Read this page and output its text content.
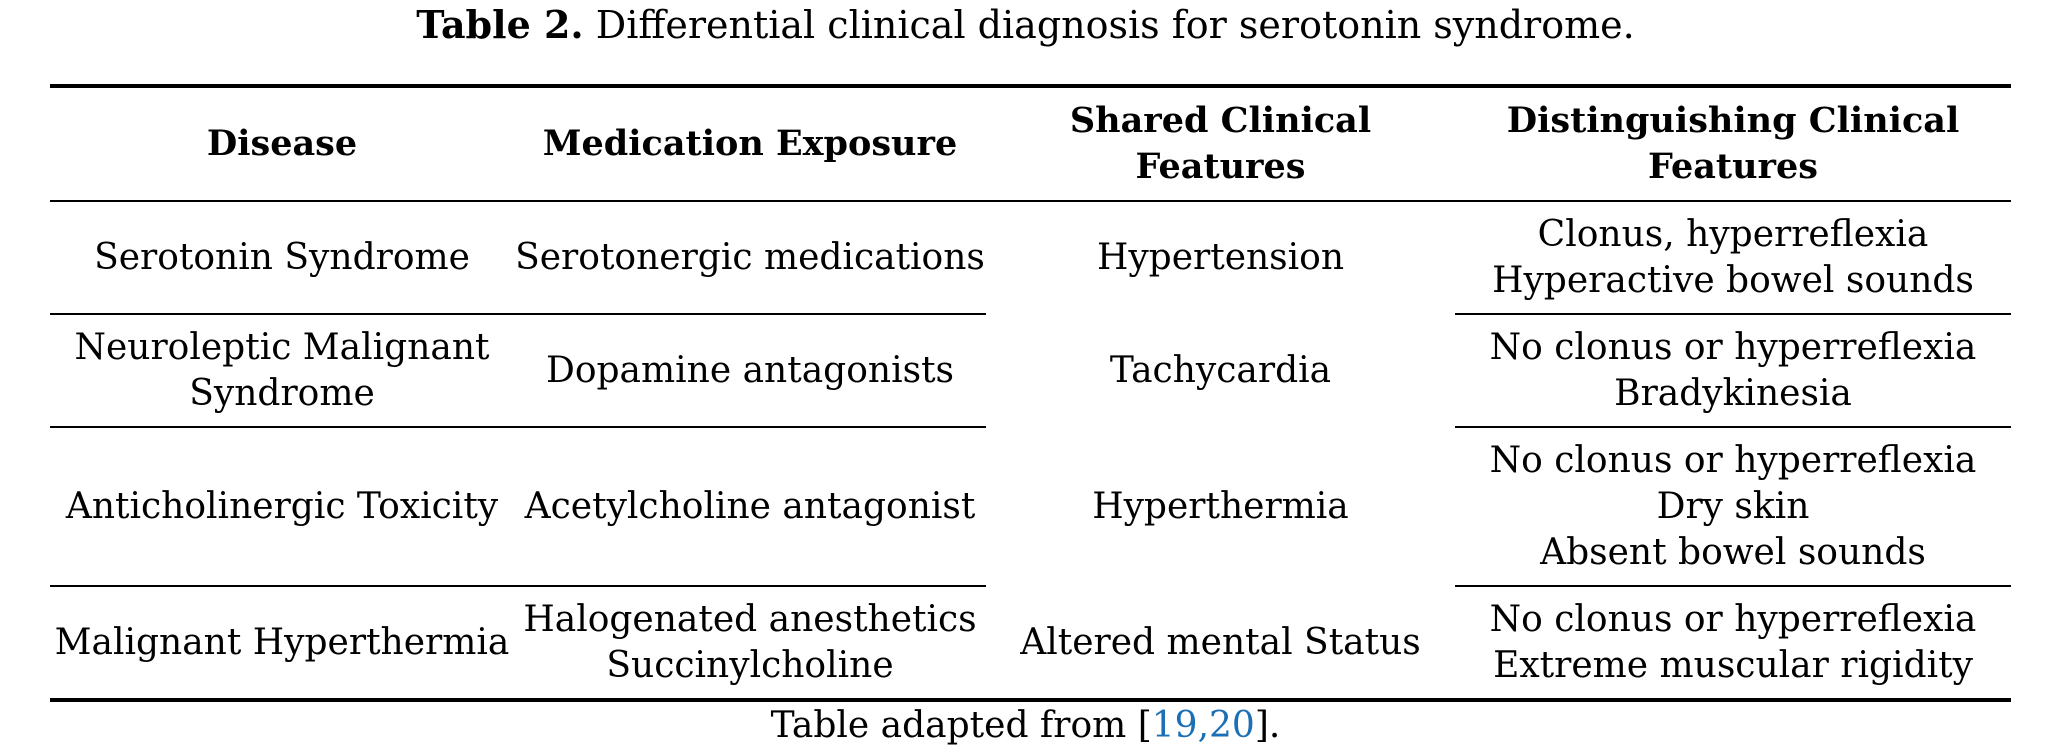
Table 2. Differential clinical diagnosis for serotonin syndrome.
Disease	Medication Exposure
Shared Clinical
Features
Distinguishing Clinical
Features
Serotonin Syndrome Serotonergic medications
Clonus, hyperreflexia
Hyperactive bowel sounds
Neuroleptic Malignant
Syndrome
Dopamine antagonists
No clonus or hyperreflexia
Bradykinesia
Anticholinergic Toxicity Acetylcholine antagonist
No clonus or hyperreflexia
Dry skin
Absent bowel sounds
Malignant Hyperthermia
Halogenated anesthetics
Succinylcholine
No clonus or hyperreflexia
Extreme muscular rigidity
Hypertension
Tachycardia
Hyperthermia
Altered mental Status
Table adapted from [19,20].
